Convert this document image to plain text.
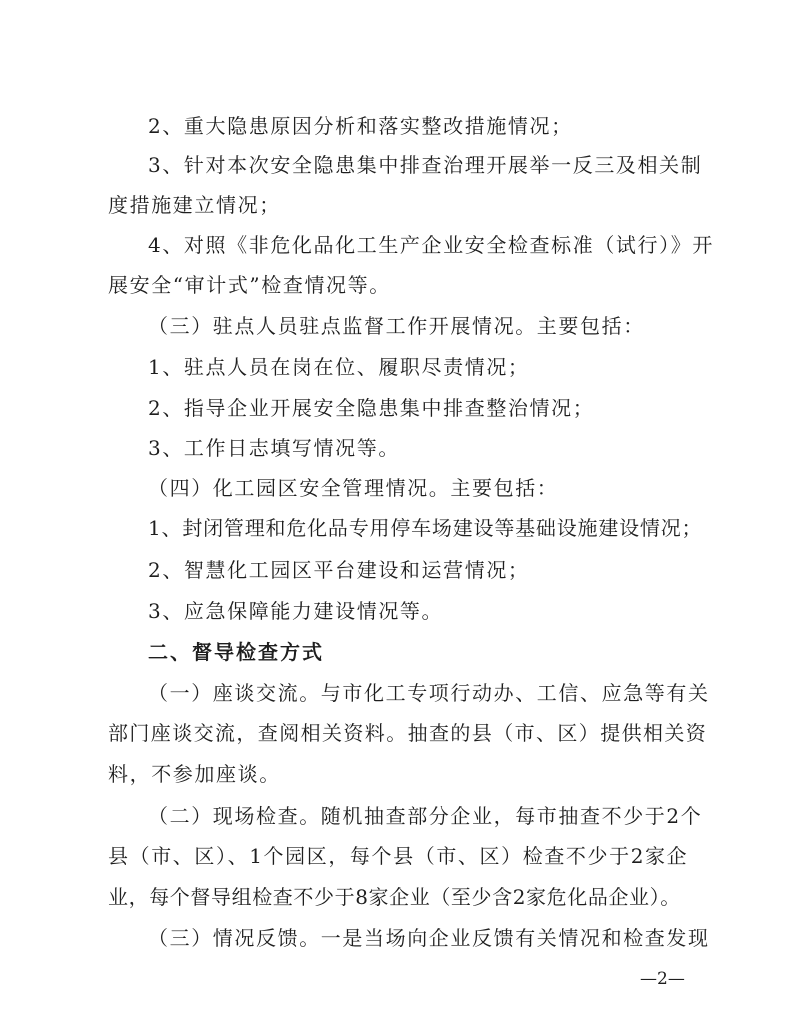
2、重大隐患原因分析和落实整改措施情况；
3、针对本次安全隐患集中排查治理开展举一反三及相关制
度措施建立情况；
4、对照《非危化品化工生产企业安全检查标准（试行）》开
展安全“审计式”检查情况等。
（三）驻点人员驻点监督工作开展情况。主要包括：
1、驻点人员在岗在位、履职尽责情况；
2、指导企业开展安全隐患集中排查整治情况；
3、工作日志填写情况等。
（四）化工园区安全管理情况。主要包括：
1、封闭管理和危化品专用停车场建设等基础设施建设情况；
2、智慧化工园区平台建设和运营情况；
3、应急保障能力建设情况等。
二、督导检查方式
（一）座谈交流。与市化工专项行动办、工信、应急等有关
部门座谈交流，查阅相关资料。抽查的县（市、区）提供相关资
料，不参加座谈。
（二）现场检查。随机抽查部分企业，每市抽查不少于2个
县（市、区）、1个园区，每个县（市、区）检查不少于2家企
业，每个督导组检查不少于8家企业（至少含2家危化品企业）。
（三）情况反馈。一是当场向企业反馈有关情况和检查发现
—2—
